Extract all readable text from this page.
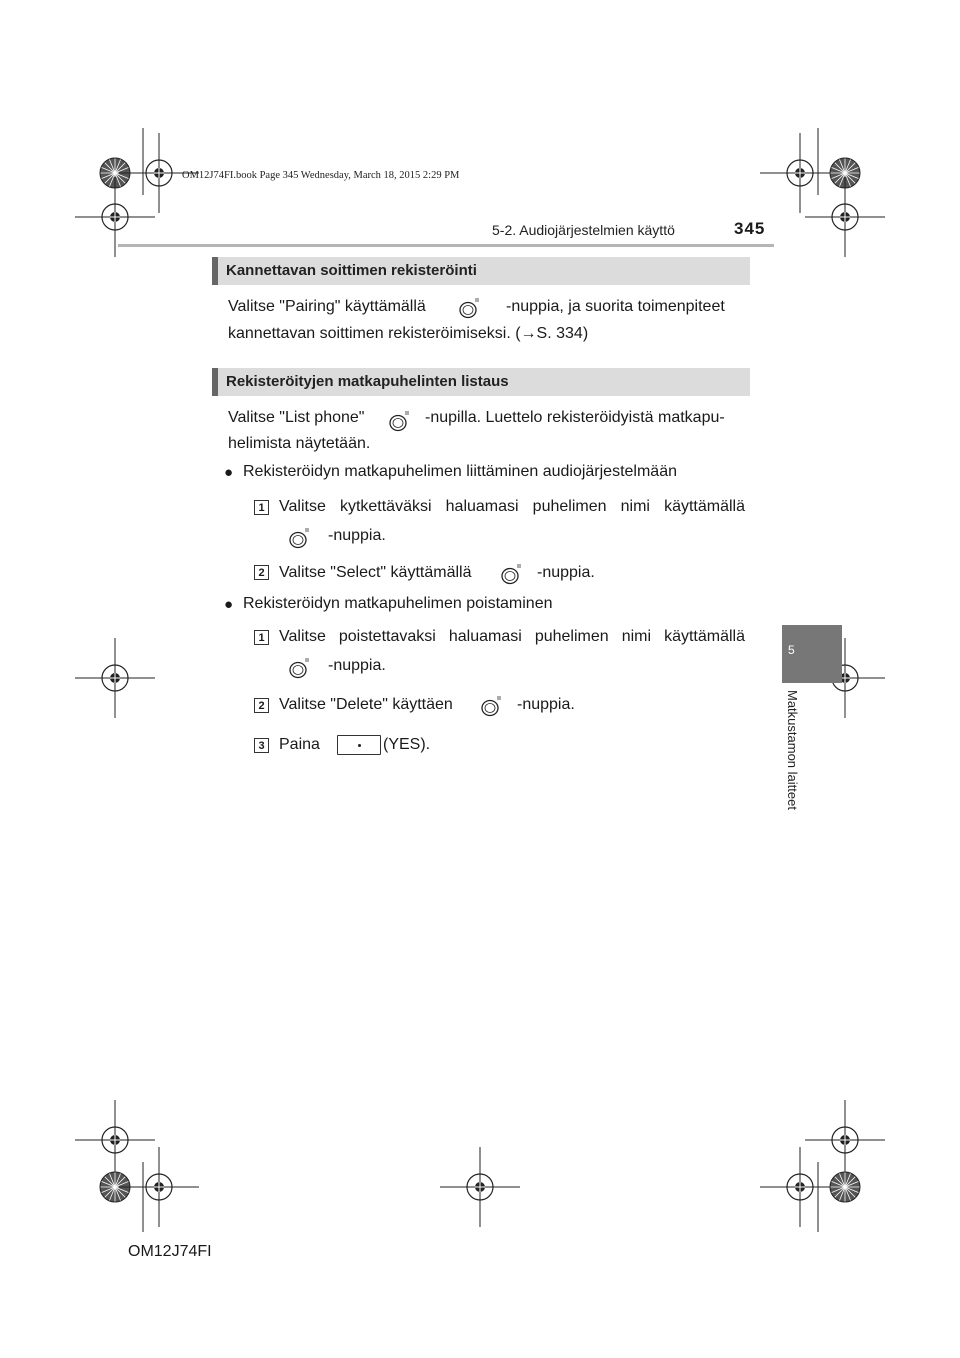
OM12J74FI.book Page 345 Wednesday, March 18, 2015 2:29 PM
5-2. Audiojärjestelmien käyttö	345
5
Matkustamon laitteet
Kannettavan soittimen rekisteröinti
Valitse "Pairing" käyttämällä	-nuppia, ja suorita toimenpiteet
kannettavan soittimen rekisteröimiseksi. (→S. 334)
Rekisteröityjen matkapuhelinten listaus
Valitse "List phone"	-nupilla. Luettelo rekisteröidyistä matkapu-
helimista näytetään.
● Rekisteröidyn matkapuhelimen liittäminen audiojärjestelmään
1 Valitse kytkettäväksi haluamasi puhelimen nimi käyttämällä
-nuppia.
2 Valitse "Select" käyttämällä	-nuppia.
● Rekisteröidyn matkapuhelimen poistaminen
1 Valitse poistettavaksi haluamasi puhelimen nimi käyttämällä
-nuppia.
2 Valitse "Delete" käyttäen	-nuppia.
3 Paina	(YES).
OM12J74FI
